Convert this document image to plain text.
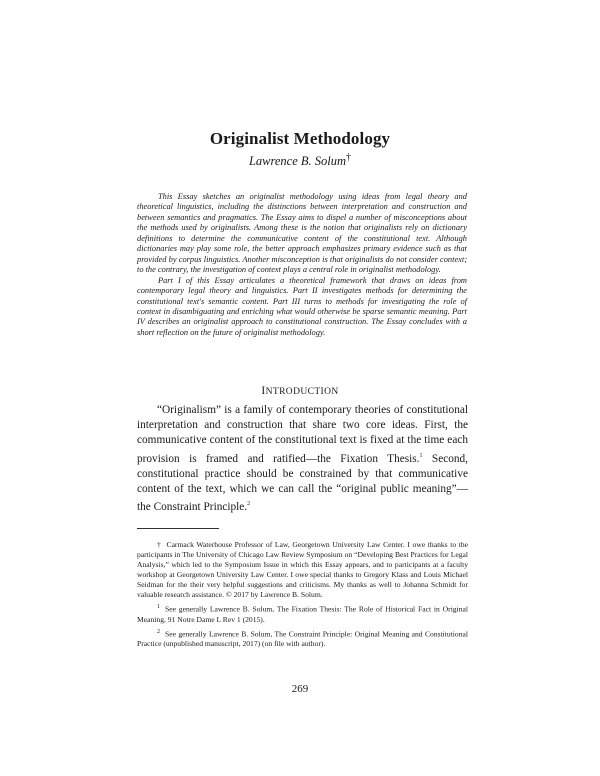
Originalist Methodology
Lawrence B. Solum†

This Essay sketches an originalist methodology using ideas from legal theory and theoretical linguistics, including the distinctions between interpretation and construction and between semantics and pragmatics. The Essay aims to dispel a number of misconceptions about the methods used by originalists. Among these is the notion that originalists rely on dictionary definitions to determine the communicative content of the constitutional text. Although dictionaries may play some role, the better approach emphasizes primary evidence such as that provided by corpus linguistics. Another misconception is that originalists do not consider context; to the contrary, the investigation of context plays a central role in originalist methodology.

Part I of this Essay articulates a theoretical framework that draws on ideas from contemporary legal theory and linguistics. Part II investigates methods for determining the constitutional text's semantic content. Part III turns to methods for investigating the role of context in disambiguating and enriching what would otherwise be sparse semantic meaning. Part IV describes an originalist approach to constitutional construction. The Essay concludes with a short reflection on the future of originalist methodology.

INTRODUCTION

“Originalism” is a family of contemporary theories of constitutional interpretation and construction that share two core ideas. First, the communicative content of the constitutional text is fixed at the time each provision is framed and ratified—the Fixation Thesis.$^1$ Second, constitutional practice should be constrained by that communicative content of the text, which we can call the “original public meaning”—the Constraint Principle.$^2$

† Carmack Waterhouse Professor of Law, Georgetown University Law Center. I owe thanks to the participants in The University of Chicago Law Review Symposium on “Developing Best Practices for Legal Analysis,” which led to the Symposium Issue in which this Essay appears, and to participants at a faculty workshop at Georgetown University Law Center. I owe special thanks to Gregory Klass and Louis Michael Seidman for the their very helpful suggestions and criticisms. My thanks as well to Johanna Schmidt for valuable research assistance. © 2017 by Lawrence B. Solum.

$^1$ See generally Lawrence B. Solum, The Fixation Thesis: The Role of Historical Fact in Original Meaning, 91 Notre Dame L Rev 1 (2015).

$^2$ See generally Lawrence B. Solum, The Constraint Principle: Original Meaning and Constitutional Practice (unpublished manuscript, 2017) (on file with author).

269
